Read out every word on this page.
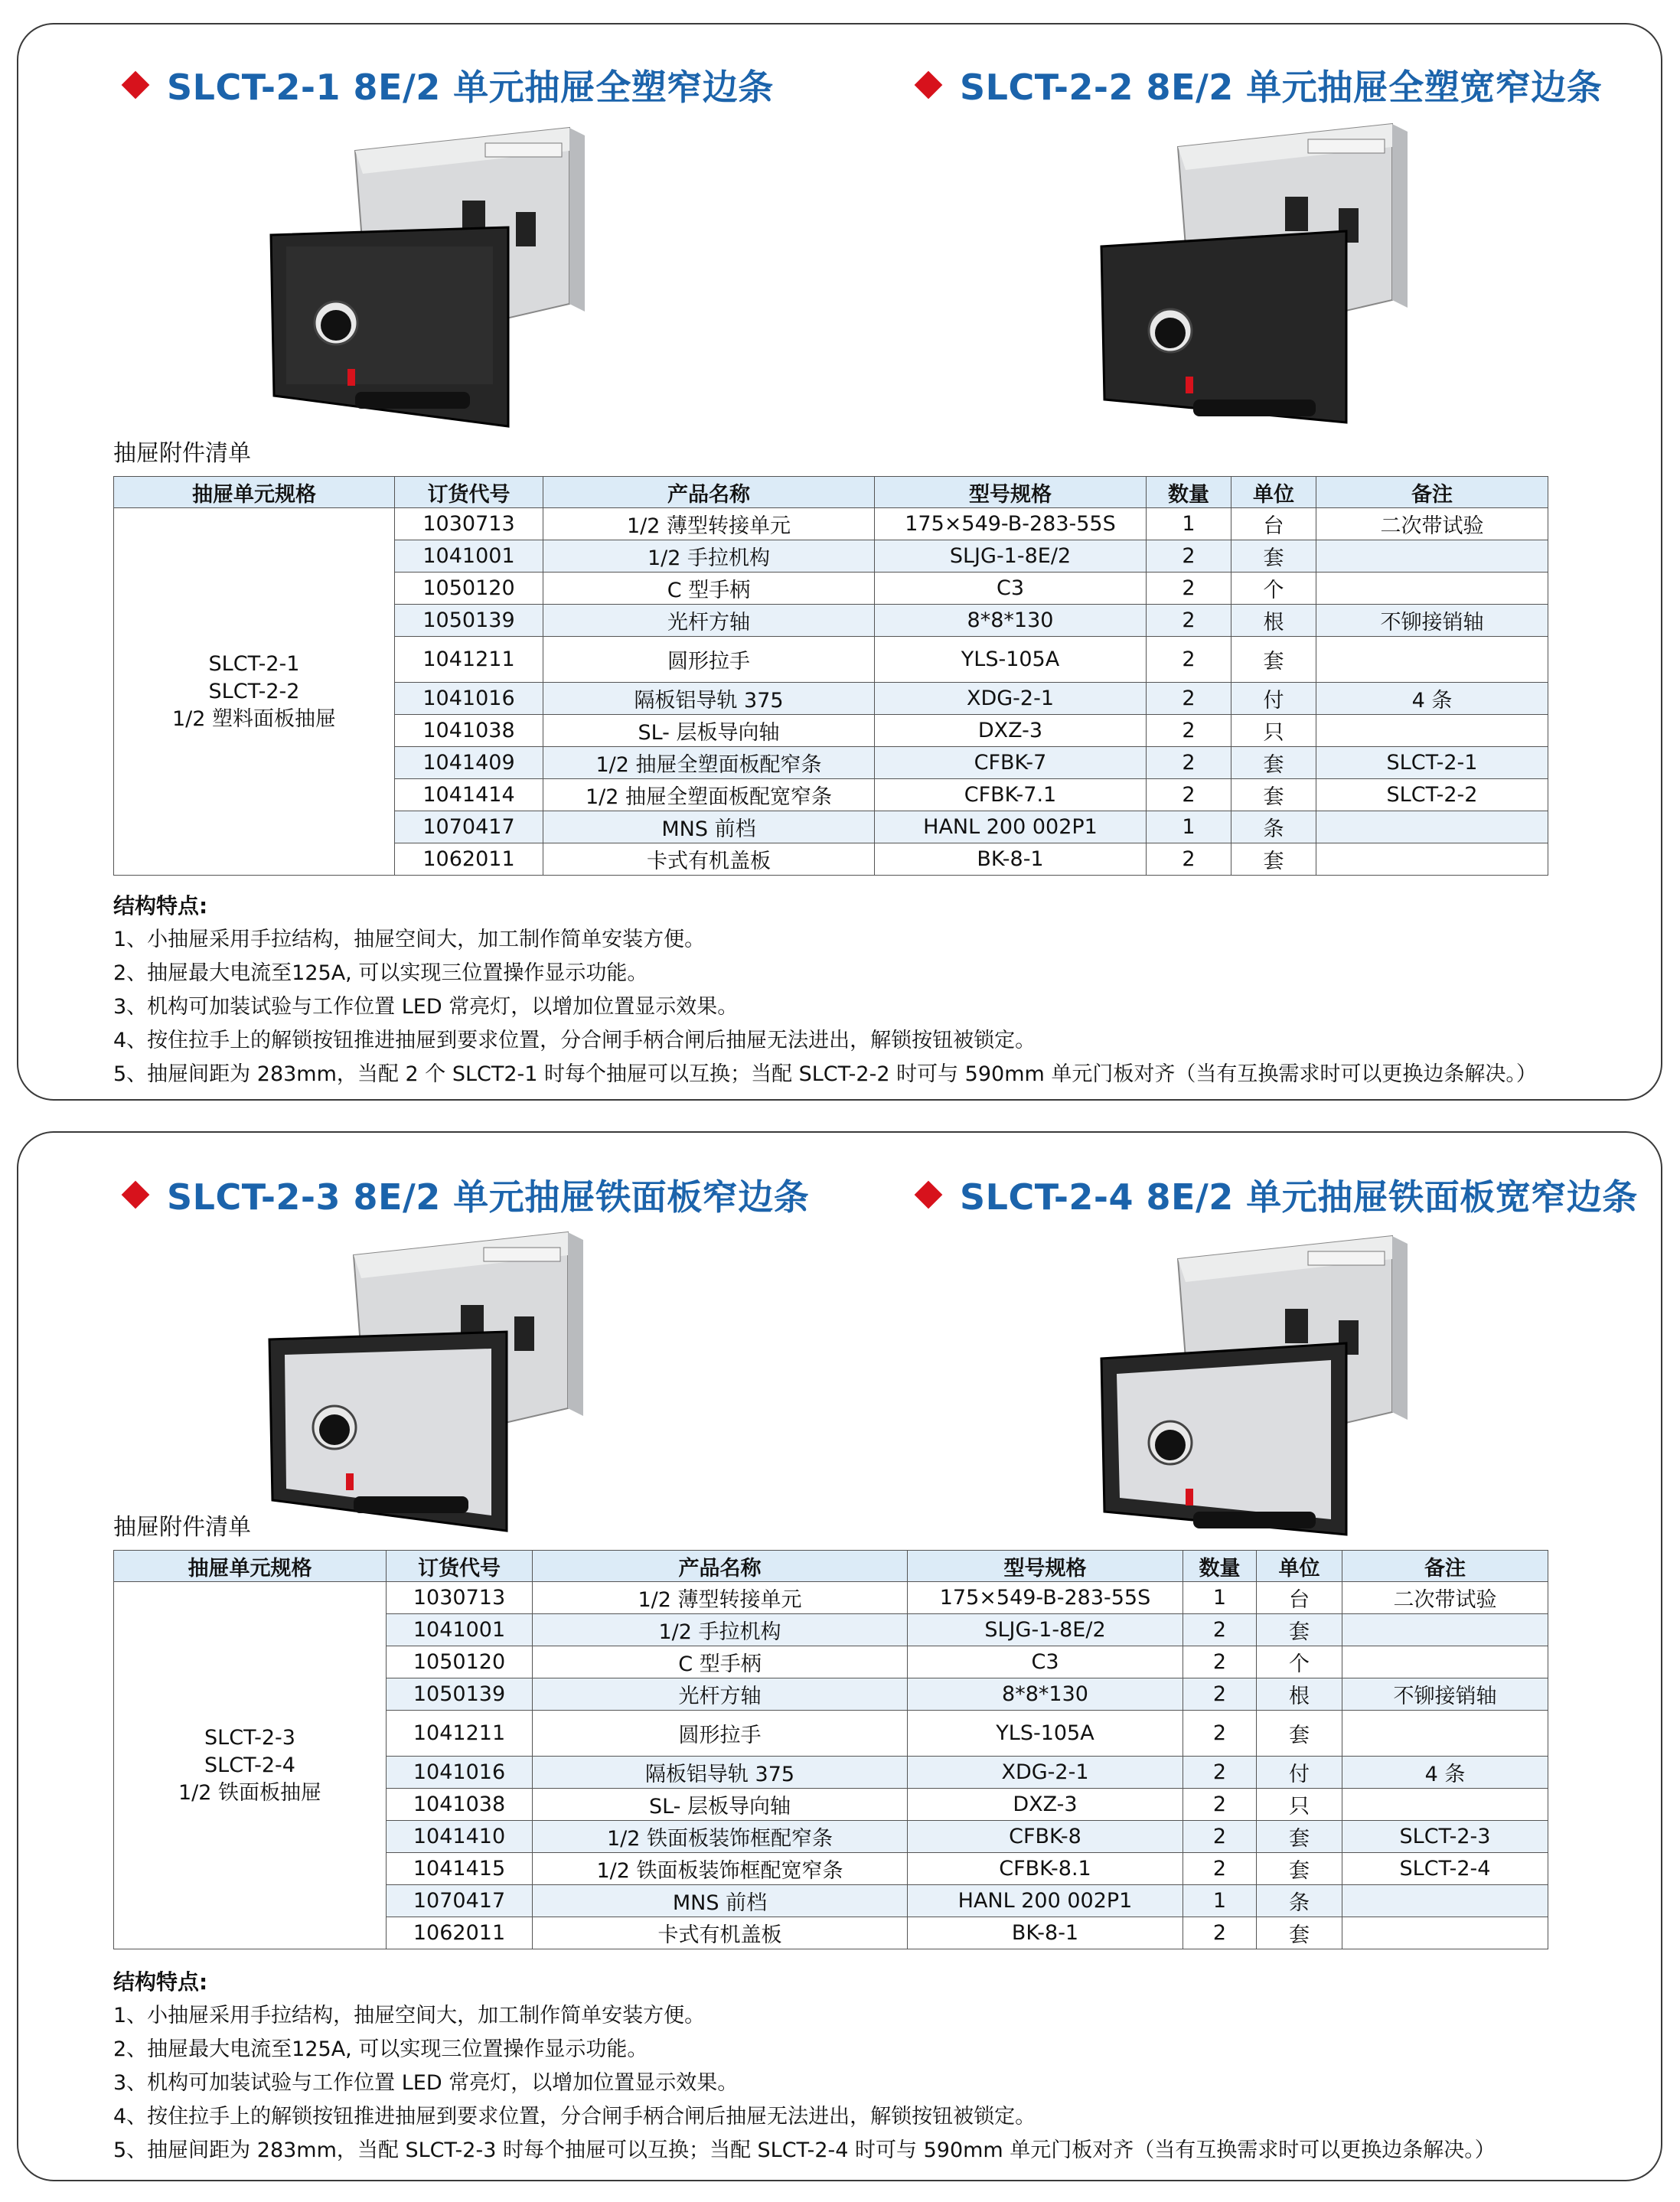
SLCT-2-1 8E/2 单元抽屉全塑窄边条	SLCT-2-2 8E/2 单元抽屉全塑宽窄边条
抽屉附件清单
抽屉单元规格	订货代号	产品名称	型号规格	数量	单位	备注

SLCT-2-1
SLCT-2-2
1/2 塑料面板抽屉	1030713	1/2 薄型转接单元	175×549-B-283-55S	1	台	二次带试验
	1041001	1/2 手拉机构	SLJG-1-8E/2	2	套	
	1050120	C 型手柄	C3	2	个	
	1050139	光杆方轴	8*8*130	2	根	不铆接销轴
	1041211	圆形拉手	YLS-105A	2	套	
	1041016	隔板铝导轨 375	XDG-2-1	2	付	4 条
	1041038	SL- 层板导向轴	DXZ-3	2	只	
	1041409	1/2 抽屉全塑面板配窄条	CFBK-7	2	套	SLCT-2-1
	1041414	1/2 抽屉全塑面板配宽窄条	CFBK-7.1	2	套	SLCT-2-2
	1070417	MNS 前档	HANL 200 002P1	1	条	
	1062011	卡式有机盖板	BK-8-1	2	套	
结构特点:
1、小抽屉采用手拉结构，抽屉空间大，加工制作简单安装方便。
2、抽屉最大电流至125A, 可以实现三位置操作显示功能。
3、机构可加装试验与工作位置 LED 常亮灯，以增加位置显示效果。
4、按住拉手上的解锁按钮推进抽屉到要求位置，分合闸手柄合闸后抽屉无法进出，解锁按钮被锁定。
5、抽屉间距为 283mm，当配 2 个 SLCT2-1 时每个抽屉可以互换；当配 SLCT-2-2 时可与 590mm 单元门板对齐（当有互换需求时可以更换边条解决。）
SLCT-2-3 8E/2 单元抽屉铁面板窄边条	SLCT-2-4 8E/2 单元抽屉铁面板宽窄边条
抽屉附件清单
抽屉单元规格	订货代号	产品名称	型号规格	数量	单位	备注

SLCT-2-3
SLCT-2-4
1/2 铁面板抽屉	1030713	1/2 薄型转接单元	175×549-B-283-55S	1	台	二次带试验
	1041001	1/2 手拉机构	SLJG-1-8E/2	2	套	
	1050120	C 型手柄	C3	2	个	
	1050139	光杆方轴	8*8*130	2	根	不铆接销轴
	1041211	圆形拉手	YLS-105A	2	套	
	1041016	隔板铝导轨 375	XDG-2-1	2	付	4 条
	1041038	SL- 层板导向轴	DXZ-3	2	只	
	1041410	1/2 铁面板装饰框配窄条	CFBK-8	2	套	SLCT-2-3
	1041415	1/2 铁面板装饰框配宽窄条	CFBK-8.1	2	套	SLCT-2-4
	1070417	MNS 前档	HANL 200 002P1	1	条	
	1062011	卡式有机盖板	BK-8-1	2	套	
结构特点:
1、小抽屉采用手拉结构，抽屉空间大，加工制作简单安装方便。
2、抽屉最大电流至125A, 可以实现三位置操作显示功能。
3、机构可加装试验与工作位置 LED 常亮灯，以增加位置显示效果。
4、按住拉手上的解锁按钮推进抽屉到要求位置，分合闸手柄合闸后抽屉无法进出，解锁按钮被锁定。
5、抽屉间距为 283mm，当配 SLCT-2-3 时每个抽屉可以互换；当配 SLCT-2-4 时可与 590mm 单元门板对齐（当有互换需求时可以更换边条解决。）
